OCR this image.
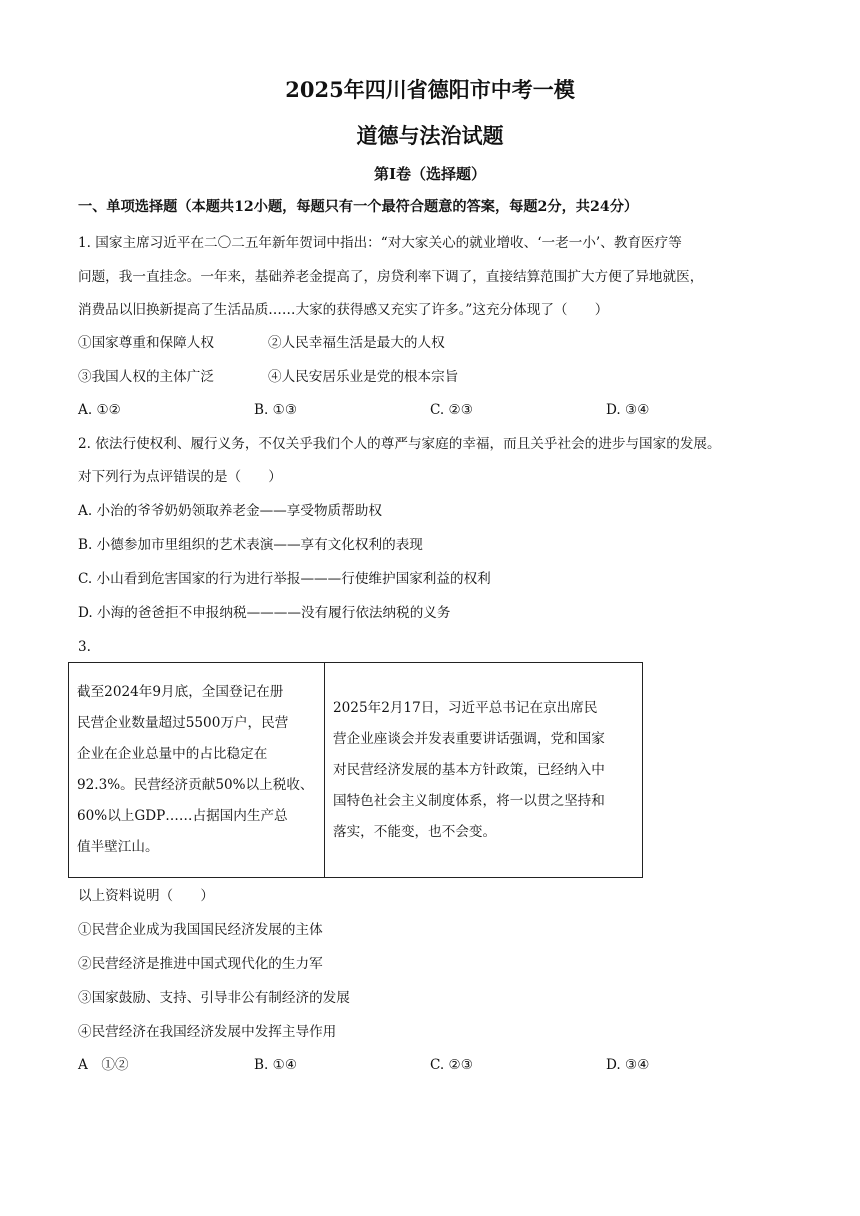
2025年四川省德阳市中考一模
道德与法治试题
第Ⅰ卷（选择题）
一、单项选择题（本题共12小题，每题只有一个最符合题意的答案，每题2分，共24分）
1. 国家主席习近平在二〇二五年新年贺词中指出：“对大家关心的就业增收、‘一老一小’、教育医疗等
问题，我一直挂念。一年来，基础养老金提高了，房贷利率下调了，直接结算范围扩大方便了异地就医，
消费品以旧换新提高了生活品质……大家的获得感又充实了许多。”这充分体现了（　　）
①国家尊重和保障人权	②人民幸福生活是最大的人权
③我国人权的主体广泛	④人民安居乐业是党的根本宗旨
A. ①②	B. ①③	C. ②③	D. ③④
2. 依法行使权利、履行义务，不仅关乎我们个人的尊严与家庭的幸福，而且关乎社会的进步与国家的发展。
对下列行为点评错误的是（　　）
A. 小治的爷爷奶奶领取养老金——享受物质帮助权
B. 小德参加市里组织的艺术表演——享有文化权利的表现
C. 小山看到危害国家的行为进行举报———行使维护国家利益的权利
D. 小海的爸爸拒不申报纳税————没有履行依法纳税的义务
3.
截至2024年9月底，全国登记在册
民营企业数量超过5500万户，民营
企业在企业总量中的占比稳定在
92.3%。民营经济贡献50%以上税收、
60%以上GDP……占据国内生产总
值半壁江山。

2025年2月17日，习近平总书记在京出席民
营企业座谈会并发表重要讲话强调，党和国家
对民营经济发展的基本方针政策，已经纳入中
国特色社会主义制度体系，将一以贯之坚持和
落实，不能变，也不会变。
以上资料说明（　　）
①民营企业成为我国国民经济发展的主体
②民营经济是推进中国式现代化的生力军
③国家鼓励、支持、引导非公有制经济的发展
④民营经济在我国经济发展中发挥主导作用
A　①②	B. ①④	C. ②③	D. ③④
